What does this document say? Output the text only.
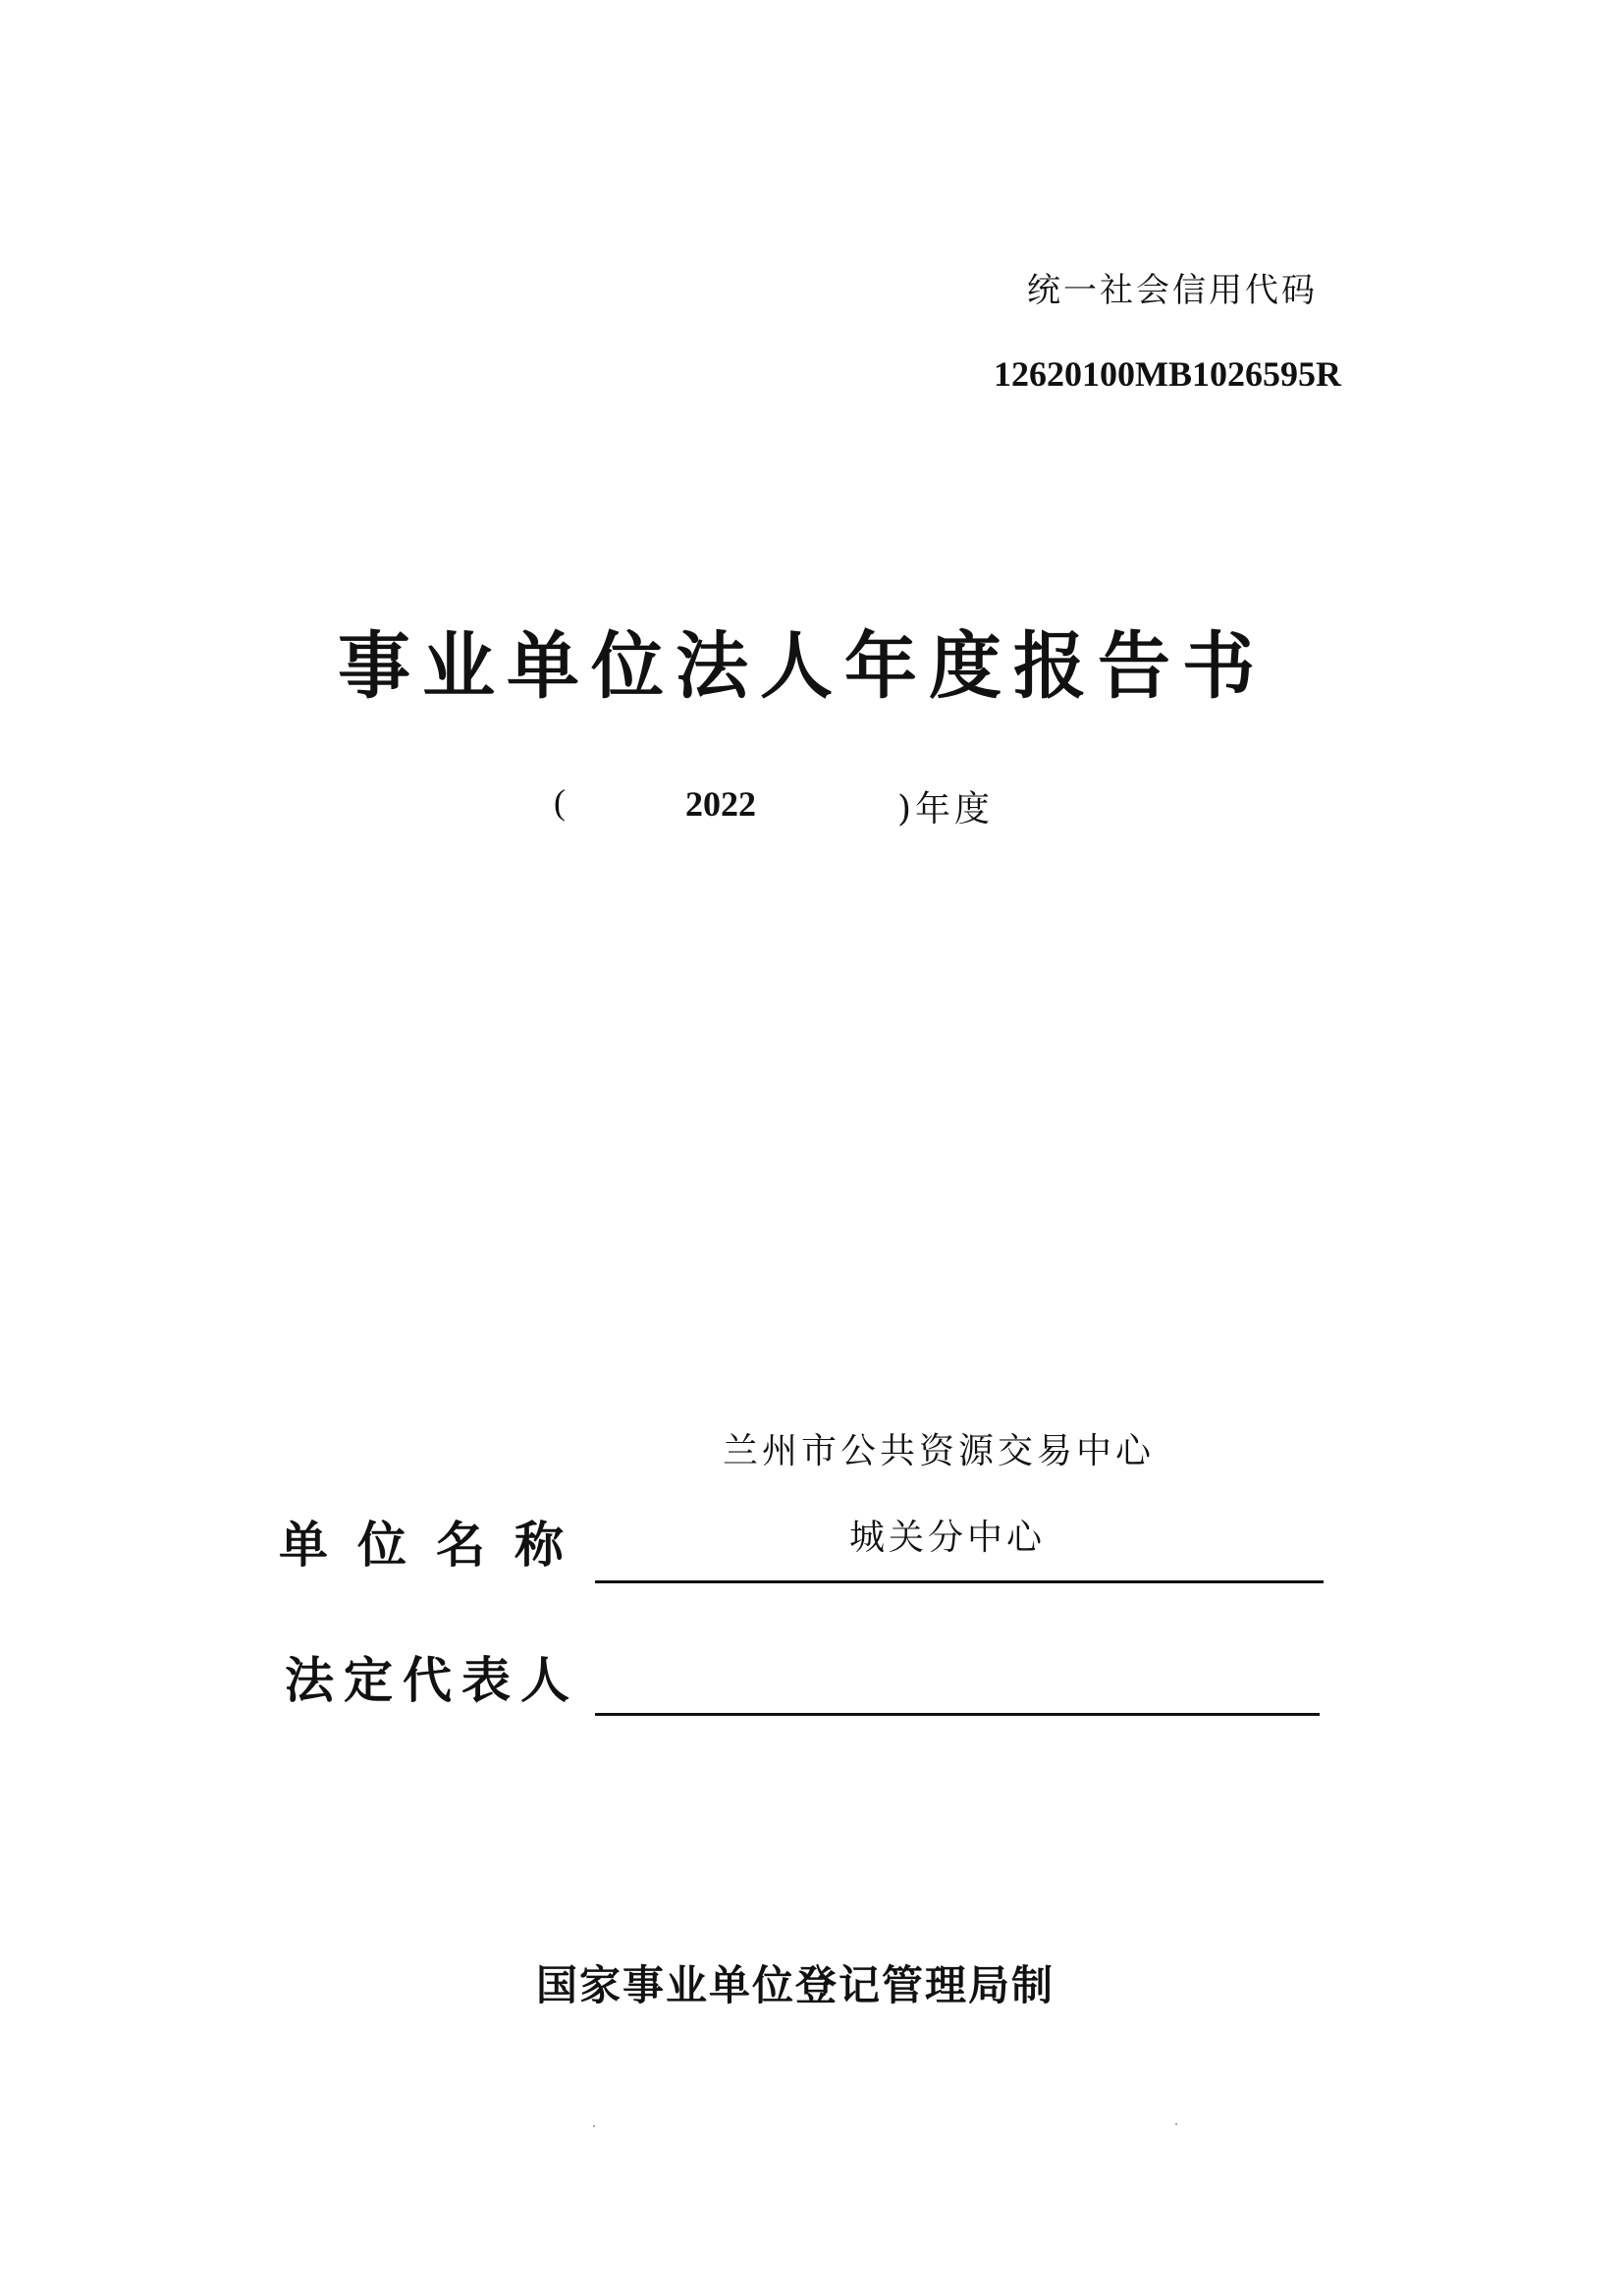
统一社会信用代码
12620100MB1026595R
事业单位法人年度报告书
(	2022	)年度
兰州市公共资源交易中心
单位名称	城关分中心
法定代表人
国家事业单位登记管理局制
